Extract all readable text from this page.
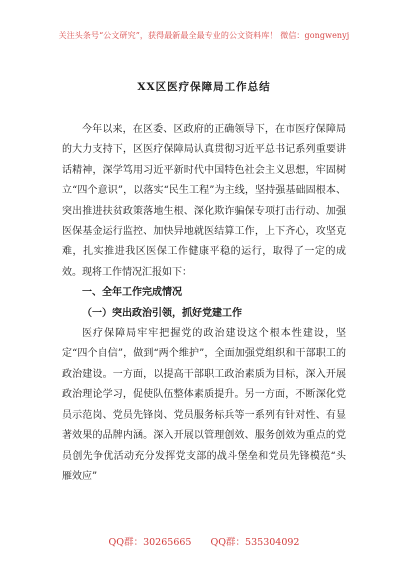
关注头条号“公文研究”，获得最新最全最专业的公文资料库！ 微信：gongwenyj
XX区医疗保障局工作总结

今年以来，在区委、区政府的正确领导下，在市医疗保障局的大力支持下，区医疗保障局认真贯彻习近平总书记系列重要讲话精神，深学笃用习近平新时代中国特色社会主义思想，牢固树立“四个意识”，以落实“民生工程”为主线，坚持强基础固根本、突出推进扶贫政策落地生根、深化欺诈骗保专项打击行动、加强医保基金运行监控、加快异地就医结算工作，上下齐心，攻坚克难，扎实推进我区医保工作健康平稳的运行，取得了一定的成效。现将工作情况汇报如下：

一、全年工作完成情况

（一）突出政治引领，抓好党建工作

医疗保障局牢牢把握党的政治建设这个根本性建设，坚定“四个自信”，做到“两个维护”，全面加强党组织和干部职工的政治建设。一方面，以提高干部职工政治素质为目标，深入开展政治理论学习，促使队伍整体素质提升。另一方面，不断深化党员示范岗、党员先锋岗、党员服务标兵等一系列有针对性、有显著效果的品牌内涵。深入开展以管理创效、服务创效为重点的党员创先争优活动充分发挥党支部的战斗堡垒和党员先锋模范“头雁效应”

QQ群：30265665 QQ群：535304092
